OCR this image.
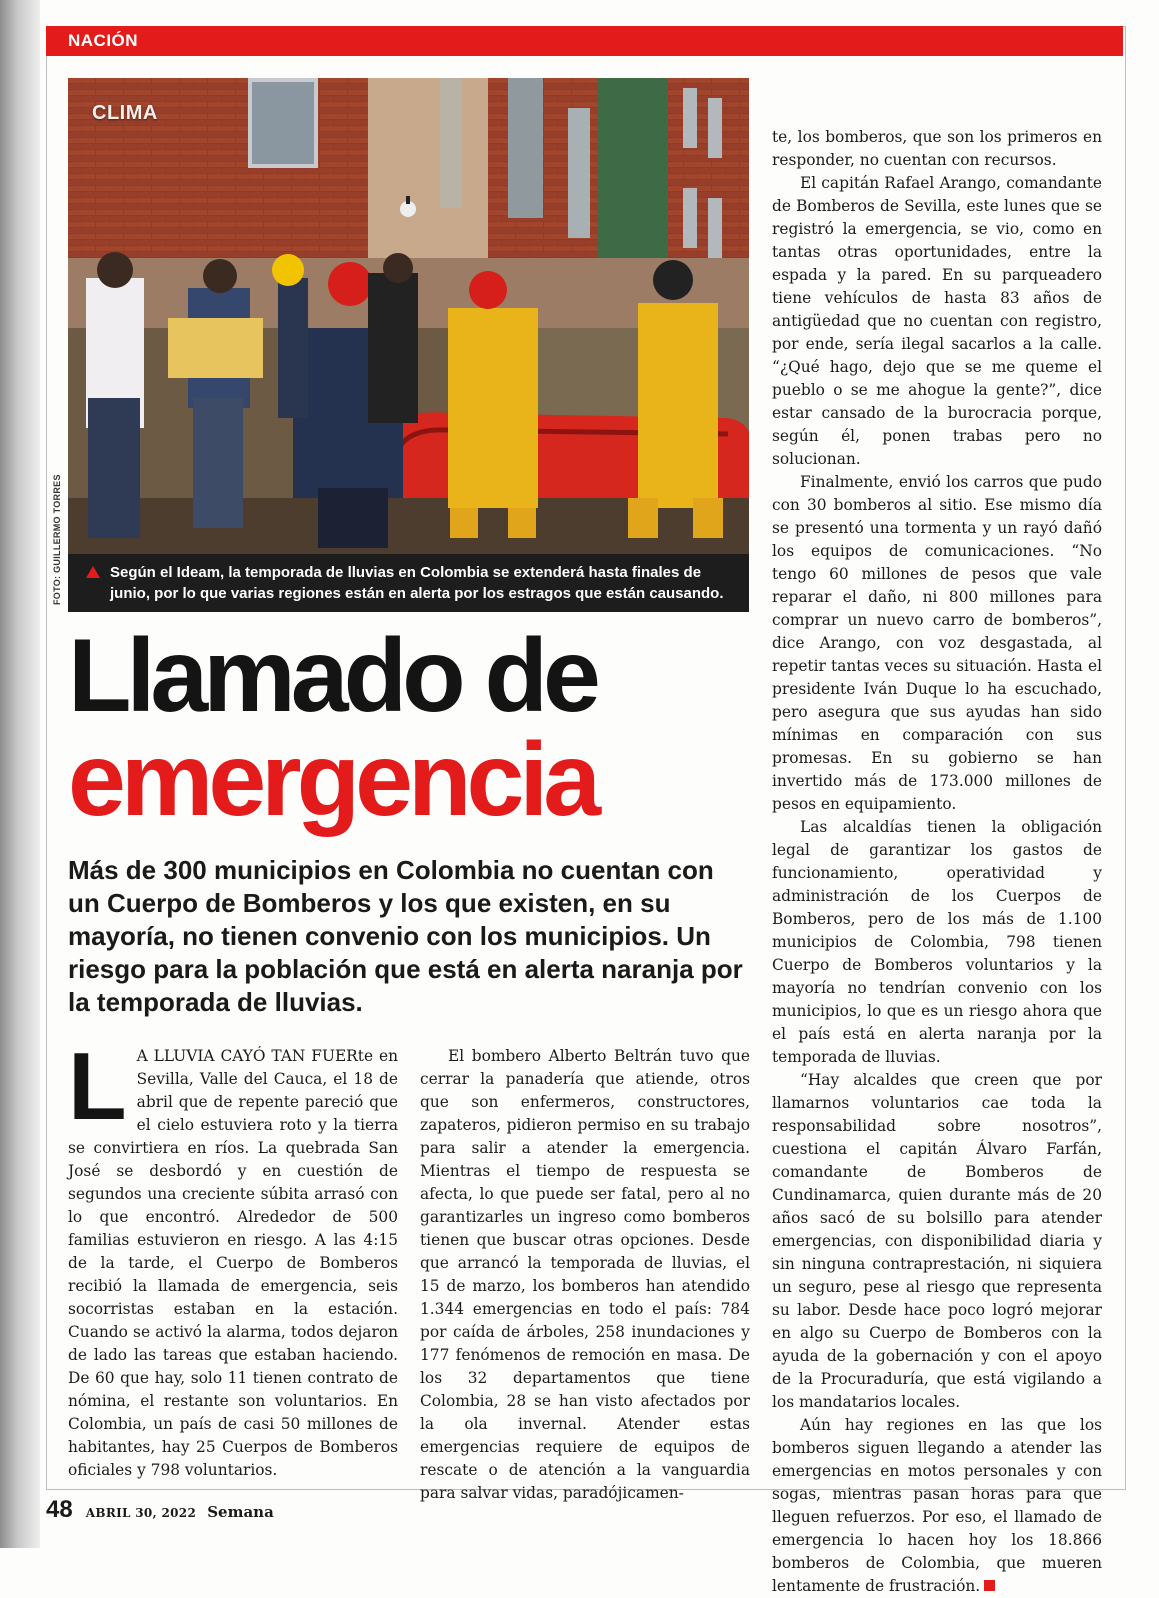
NACIÓN
CLIMA
Según el Ideam, la temporada de lluvias en Colombia se extenderá hasta finales de junio, por lo que varias regiones están en alerta por los estragos que están causando.
FOTO: GUILLERMO TORRES
Llamado de
emergencia
Más de 300 municipios en Colombia no cuentan con un Cuerpo de Bomberos y los que existen, en su mayoría, no tienen convenio con los municipios. Un riesgo para la población que está en alerta naranja por la temporada de lluvias.
L A LLUVIA CAYÓ TAN FUERte en Sevilla, Valle del Cauca, el 18 de abril que de repente pareció que el cielo estuviera roto y la tierra se convirtiera en ríos. La quebrada San José se desbordó y en cuestión de segundos una creciente súbita arrasó con lo que encontró. Alrededor de 500 familias estuvieron en riesgo. A las 4:15 de la tarde, el Cuerpo de Bomberos recibió la llamada de emergencia, seis socorristas estaban en la estación. Cuando se activó la alarma, todos dejaron de lado las tareas que estaban haciendo. De 60 que hay, solo 11 tienen contrato de nómina, el restante son voluntarios. En Colombia, un país de casi 50 millones de habitantes, hay 25 Cuerpos de Bomberos oficiales y 798 voluntarios.

El bombero Alberto Beltrán tuvo que cerrar la panadería que atiende, otros que son enfermeros, constructores, zapateros, pidieron permiso en su trabajo para salir a atender la emergencia. Mientras el tiempo de respuesta se afecta, lo que puede ser fatal, pero al no garantizarles un ingreso como bomberos tienen que buscar otras opciones. Desde que arrancó la temporada de lluvias, el 15 de marzo, los bomberos han atendido 1.344 emergencias en todo el país: 784 por caída de árboles, 258 inundaciones y 177 fenómenos de remoción en masa. De los 32 departamentos que tiene Colombia, 28 se han visto afectados por la ola invernal. Atender estas emergencias requiere de equipos de rescate o de atención a la vanguardia para salvar vidas, paradójicamen-

te, los bomberos, que son los primeros en responder, no cuentan con recursos.

El capitán Rafael Arango, comandante de Bomberos de Sevilla, este lunes que se registró la emergencia, se vio, como en tantas otras oportunidades, entre la espada y la pared. En su parqueadero tiene vehículos de hasta 83 años de antigüedad que no cuentan con registro, por ende, sería ilegal sacarlos a la calle. “¿Qué hago, dejo que se me queme el pueblo o se me ahogue la gente?”, dice estar cansado de la burocracia porque, según él, ponen trabas pero no solucionan.

Finalmente, envió los carros que pudo con 30 bomberos al sitio. Ese mismo día se presentó una tormenta y un rayó dañó los equipos de comunicaciones. “No tengo 60 millones de pesos que vale reparar el daño, ni 800 millones para comprar un nuevo carro de bomberos”, dice Arango, con voz desgastada, al repetir tantas veces su situación. Hasta el presidente Iván Duque lo ha escuchado, pero asegura que sus ayudas han sido mínimas en comparación con sus promesas. En su gobierno se han invertido más de 173.000 millones de pesos en equipamiento.

Las alcaldías tienen la obligación legal de garantizar los gastos de funcionamiento, operatividad y administración de los Cuerpos de Bomberos, pero de los más de 1.100 municipios de Colombia, 798 tienen Cuerpo de Bomberos voluntarios y la mayoría no tendrían convenio con los municipios, lo que es un riesgo ahora que el país está en alerta naranja por la temporada de lluvias.

“Hay alcaldes que creen que por llamarnos voluntarios cae toda la responsabilidad sobre nosotros”, cuestiona el capitán Álvaro Farfán, comandante de Bomberos de Cundinamarca, quien durante más de 20 años sacó de su bolsillo para atender emergencias, con disponibilidad diaria y sin ninguna contraprestación, ni siquiera un seguro, pese al riesgo que representa su labor. Desde hace poco logró mejorar en algo su Cuerpo de Bomberos con la ayuda de la gobernación y con el apoyo de la Procuraduría, que está vigilando a los mandatarios locales.

Aún hay regiones en las que los bomberos siguen llegando a atender las emergencias en motos personales y con sogas, mientras pasan horas para que lleguen refuerzos. Por eso, el llamado de emergencia lo hacen hoy los 18.866 bomberos de Colombia, que mueren lentamente de frustración.

48 ABRIL 30, 2022 Semana
